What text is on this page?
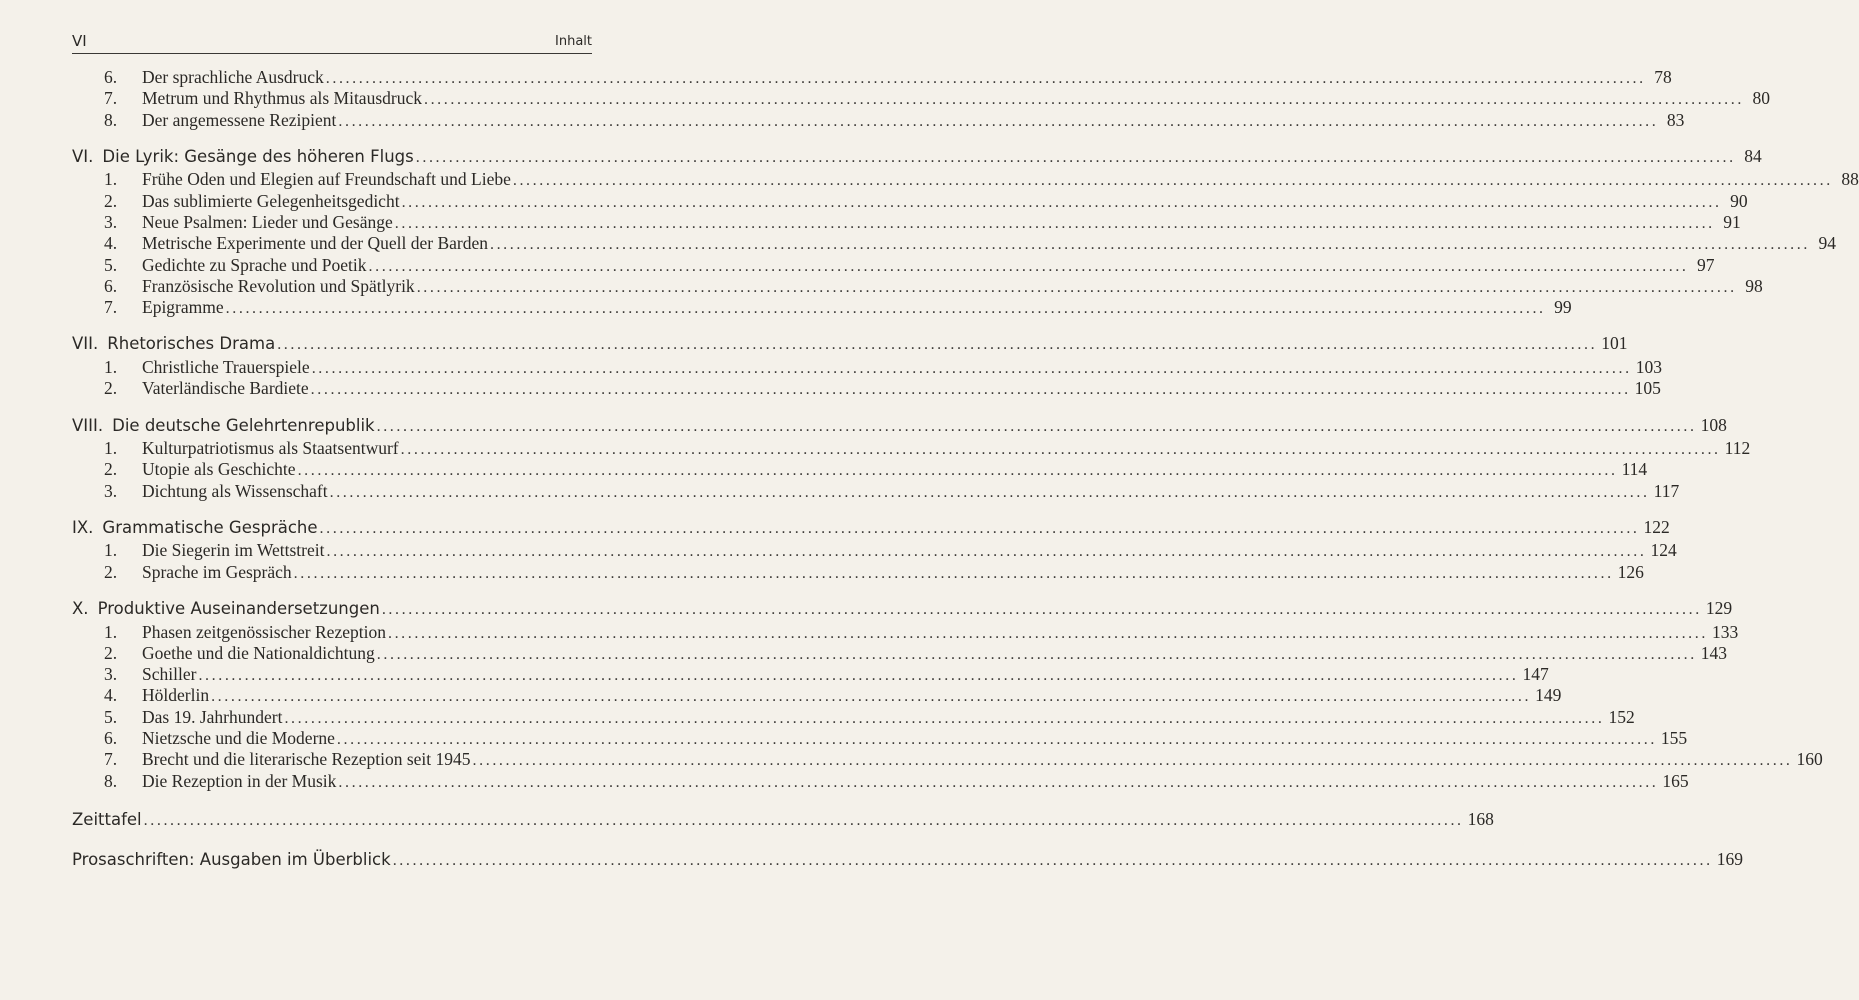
VI	Inhalt
6.	Der sprachliche Ausdruck ........................................................................................................................................................................................................ 78
7.	Metrum und Rhythmus als Mitausdruck ........................................................................................................................................................................................................ 80
8.	Der angemessene Rezipient ........................................................................................................................................................................................................ 83
VI. Die Lyrik: Gesänge des höheren Flugs ........................................................................................................................................................................................................ 84
1.	Frühe Oden und Elegien auf Freundschaft und Liebe ........................................................................................................................................................................................................ 88
2.	Das sublimierte Gelegenheitsgedicht ........................................................................................................................................................................................................ 90
3.	Neue Psalmen: Lieder und Gesänge ........................................................................................................................................................................................................ 91
4.	Metrische Experimente und der Quell der Barden ........................................................................................................................................................................................................ 94
5.	Gedichte zu Sprache und Poetik ........................................................................................................................................................................................................ 97
6.	Französische Revolution und Spätlyrik ........................................................................................................................................................................................................ 98
7.	Epigramme ........................................................................................................................................................................................................ 99
VII. Rhetorisches Drama ........................................................................................................................................................................................................ 101
1.	Christliche Trauerspiele ........................................................................................................................................................................................................ 103
2.	Vaterländische Bardiete ........................................................................................................................................................................................................ 105
VIII. Die deutsche Gelehrtenrepublik ........................................................................................................................................................................................................ 108
1.	Kulturpatriotismus als Staatsentwurf ........................................................................................................................................................................................................ 112
2.	Utopie als Geschichte ........................................................................................................................................................................................................ 114
3.	Dichtung als Wissenschaft ........................................................................................................................................................................................................ 117
IX. Grammatische Gespräche ........................................................................................................................................................................................................ 122
1.	Die Siegerin im Wettstreit ........................................................................................................................................................................................................ 124
2.	Sprache im Gespräch ........................................................................................................................................................................................................ 126
X. Produktive Auseinandersetzungen ........................................................................................................................................................................................................ 129
1.	Phasen zeitgenössischer Rezeption ........................................................................................................................................................................................................ 133
2.	Goethe und die Nationaldichtung ........................................................................................................................................................................................................ 143
3.	Schiller ........................................................................................................................................................................................................ 147
4.	Hölderlin ........................................................................................................................................................................................................ 149
5.	Das 19. Jahrhundert ........................................................................................................................................................................................................ 152
6.	Nietzsche und die Moderne ........................................................................................................................................................................................................ 155
7.	Brecht und die literarische Rezeption seit 1945 ........................................................................................................................................................................................................ 160
8.	Die Rezeption in der Musik ........................................................................................................................................................................................................ 165
Zeittafel ........................................................................................................................................................................................................ 168
Prosaschriften: Ausgaben im Überblick ........................................................................................................................................................................................................ 169
